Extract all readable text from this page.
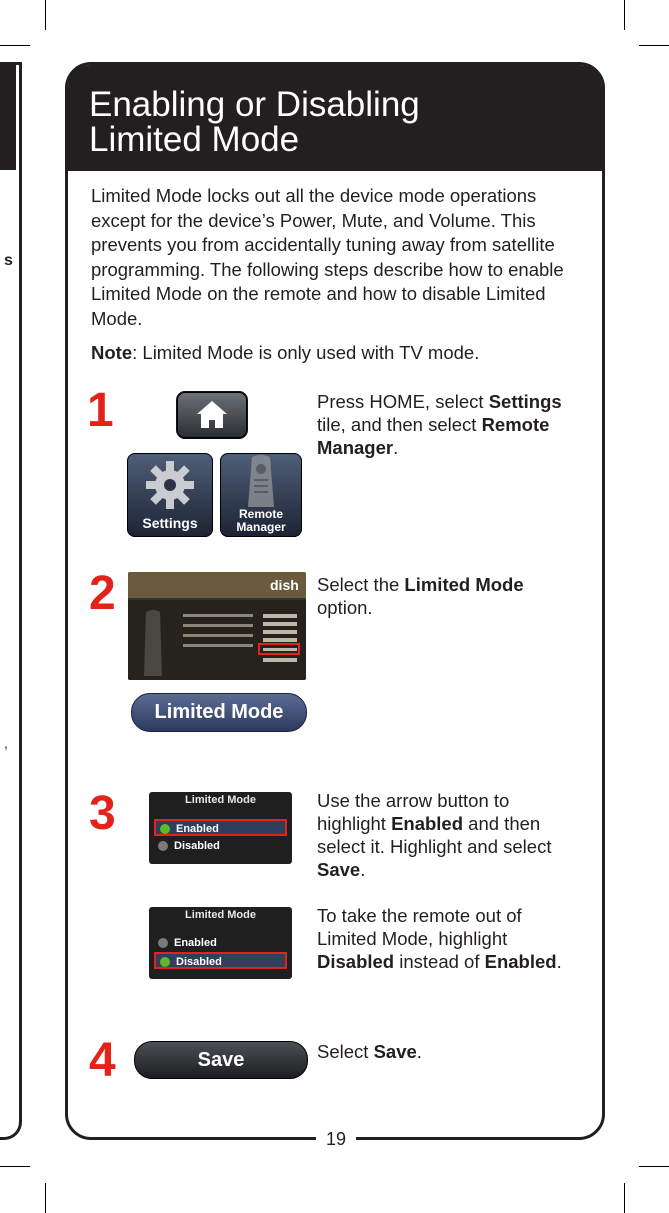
s
,
Enabling or Disabling Limited Mode

Limited Mode locks out all the device mode operations except for the device’s Power, Mute, and Volume. This prevents you from accidentally tuning away from satellite programming. The following steps describe how to enable Limited Mode on the remote and how to disable Limited Mode.

Note: Limited Mode is only used with TV mode.

1
Settings
Remote
Manager

Press HOME, select Settings tile, and then select Remote Manager.

2	dish
Limited Mode

Select the Limited Mode option.

3	Limited Mode
Enabled
Disabled

Use the arrow button to highlight Enabled and then select it. Highlight and select Save.

Limited Mode
Enabled
Disabled

To take the remote out of Limited Mode, highlight Disabled instead of Enabled.

4	Save	Select Save.

19
